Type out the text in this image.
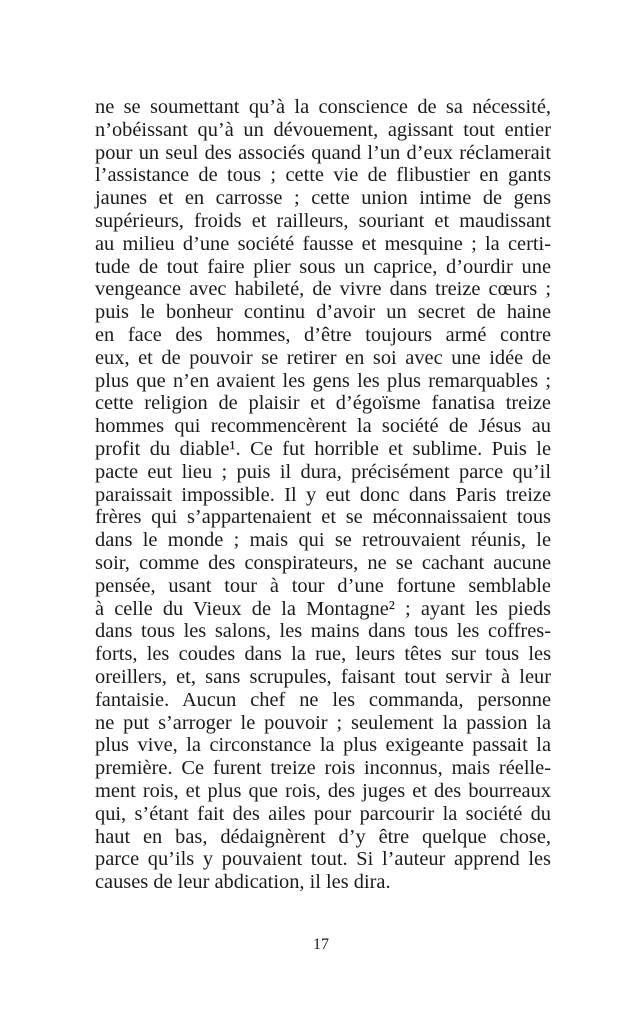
ne se soumettant qu’à la conscience de sa nécessité,
n’obéissant qu’à un dévouement, agissant tout entier
pour un seul des associés quand l’un d’eux réclamerait
l’assistance de tous ; cette vie de flibustier en gants
jaunes et en carrosse ; cette union intime de gens
supérieurs, froids et railleurs, souriant et maudissant
au milieu d’une société fausse et mesquine ; la certi-
tude de tout faire plier sous un caprice, d’ourdir une
vengeance avec habileté, de vivre dans treize cœurs ;
puis le bonheur continu d’avoir un secret de haine
en face des hommes, d’être toujours armé contre
eux, et de pouvoir se retirer en soi avec une idée de
plus que n’en avaient les gens les plus remarquables ;
cette religion de plaisir et d’égoïsme fanatisa treize
hommes qui recommencèrent la société de Jésus au
profit du diable¹. Ce fut horrible et sublime. Puis le
pacte eut lieu ; puis il dura, précisément parce qu’il
paraissait impossible. Il y eut donc dans Paris treize
frères qui s’appartenaient et se méconnaissaient tous
dans le monde ; mais qui se retrouvaient réunis, le
soir, comme des conspirateurs, ne se cachant aucune
pensée, usant tour à tour d’une fortune semblable
à celle du Vieux de la Montagne² ; ayant les pieds
dans tous les salons, les mains dans tous les coffres-
forts, les coudes dans la rue, leurs têtes sur tous les
oreillers, et, sans scrupules, faisant tout servir à leur
fantaisie. Aucun chef ne les commanda, personne
ne put s’arroger le pouvoir ; seulement la passion la
plus vive, la circonstance la plus exigeante passait la
première. Ce furent treize rois inconnus, mais réelle-
ment rois, et plus que rois, des juges et des bourreaux
qui, s’étant fait des ailes pour parcourir la société du
haut en bas, dédaignèrent d’y être quelque chose,
parce qu’ils y pouvaient tout. Si l’auteur apprend les
causes de leur abdication, il les dira.
17
